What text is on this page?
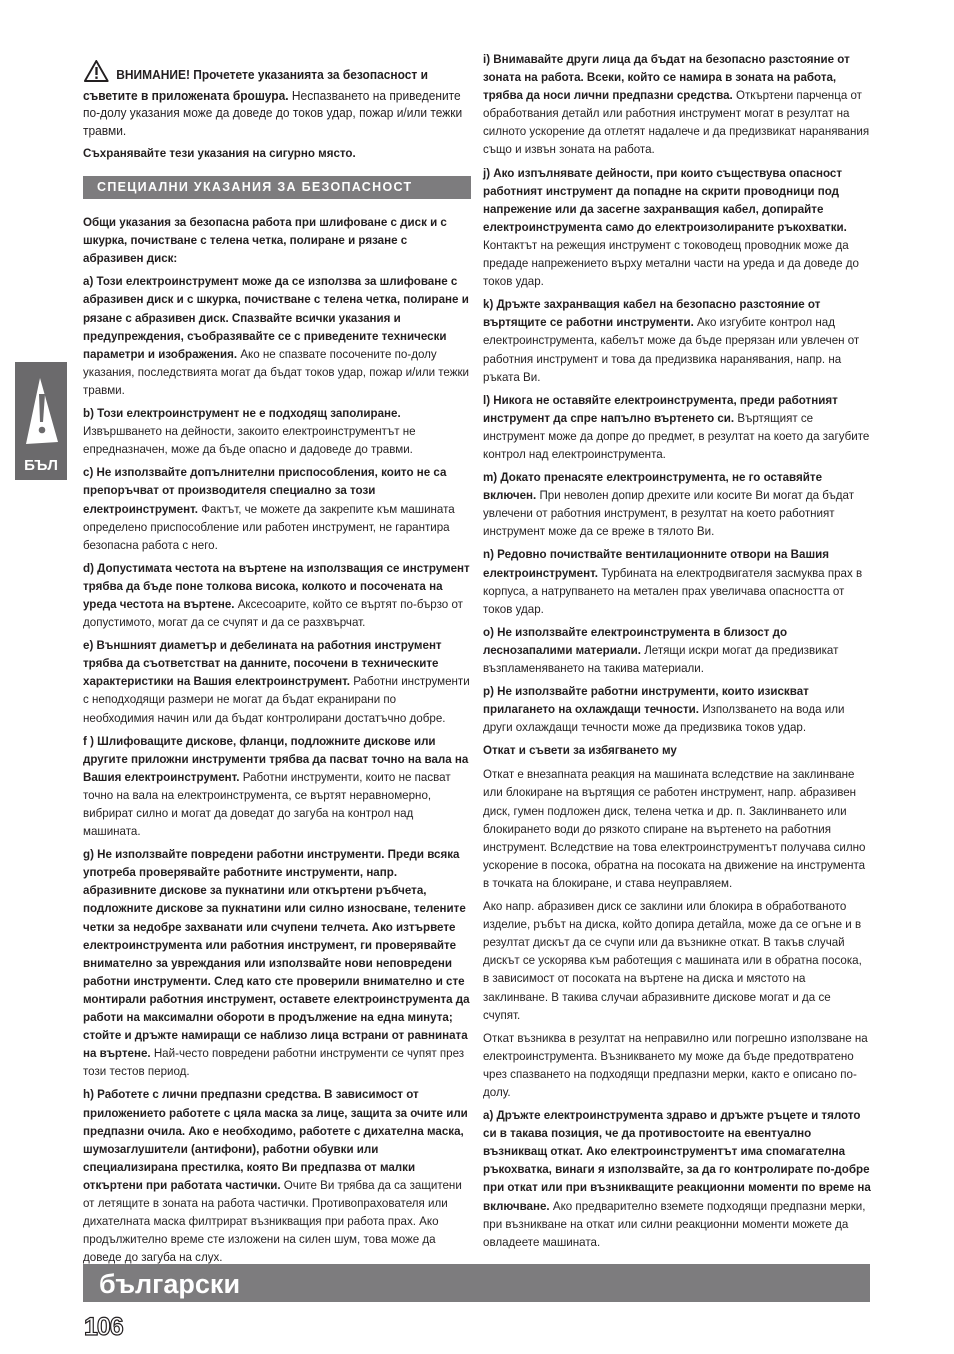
ВНИМАНИЕ! Прочетете указанията за безопасност и съветите в приложената брошура. Неспазването на приведените по-долу указания може да доведе до токов удар, пожар и/или тежки травми.

Съхранявайте тези указания на сигурно място.

СПЕЦИАЛНИ УКАЗАНИЯ ЗА БЕЗОПАСНОСТ

Общи указания за безопасна работа при шлифоване с диск и с шкурка, почистване с телена четка, полиране и рязане с абразивен диск:

a) Този електроинструмент може да се използва за шлифоване с абразивен диск и с шкурка, почистване с телена четка, полиране и рязане с абразивен диск. Спазвайте всички указания и предупреждения, съобразявайте се с приведените технически параметри и изображения. Ако не спазвате посочените по-долу указания, последствията могат да бъдат токов удар, пожар и/или тежки травми.

b) Този електроинструмент не е подходящ заполиране. Извършването на дейности, закоито електроинструментът не епредназначен, може да бъде опасно и дадоведе до травми.

c) Не използвайте допълнителни приспособления, които не са препоръчват от производителя специално за този електроинструмент. Фактът, че можете да закрепите към машината определено приспособление или работен инструмент, не гарантира безопасна работа с него.

d) Допустимата честота на въртене на използващия се инструмент трябва да бъде поне толкова висока, колкото и посочената на уреда честота на въртене. Аксесоарите, който се въртят по-бързо от допустимото, могат да се счупят и да се разхвърчат.

e) Външният диаметър и дебелината на работния инструмент трябва да съответстват на данните, посочени в техническите характеристики на Вашия електроинструмент. Работни инструменти с неподходящи размери не могат да бъдат екранирани по необходимия начин или да бъдат контролирани достатъчно добре.

f ) Шлифоващите дискове, фланци, подложните дискове или другите приложни инструменти трябва да пасват точно на вала на Вашия електроинструмент. Работни инструменти, които не пасват точно на вала на електроинструмента, се въртят неравномерно, вибрират силно и могат да доведат до загуба на контрол над машината.

g) Не използвайте повредени работни инструменти. Преди всяка употреба проверявайте работните инструменти, напр. абразивните дискове за пукнатини или откъртени ръбчета, подложните дискове за пукнатини или силно износване, телените четки за недобре захванати или счупени телчета. Ако изтървете електроинструмента или работния инструмент, ги проверявайте внимателно за увреждания или използвайте нови неповредени работни инструменти. След като сте проверили внимателно и сте монтирали работния инструмент, оставете електроинструмента да работи на максимални обороти в продължение на една минута; стойте и дръжте намиращи се наблизо лица встрани от равнината на въртене. Най-често повредени работни инструменти се чупят през този тестов период.

h) Работете с лични предпазни средства. В зависимост от приложението работете с цяла маска за лице, защита за очите или предпазни очила. Ако е необходимо, работете с дихателна маска, шумозаглушители (антифони), работни обувки или специализирана престилка, която Ви предпазва от малки откъртени при работата частички. Очите Ви трябва да са защитени от летящите в зоната на работа частички. Противопрахователя или дихателната маска филтрират възникващия при работа прах. Ако продължително време сте изложени на силен шум, това може да доведе до загуба на слух.

i) Внимавайте други лица да бъдат на безопасно разстояние от зоната на работа. Всеки, който се намира в зоната на работа, трябва да носи лични предпазни средства. Откъртени парченца от обработвания детайл или работния инструмент могат в резултат на силното ускорение да отлетят надалече и да предизвикат наранявания също и извън зоната на работа.

j) Ако изпълнявате дейности, при които съществува опасност работният инструмент да попадне на скрити проводници под напрежение или да засегне захранващия кабел, допирайте електроинструмента само до електроизолираните ръкохватки. Контактът на режещия инструмент с тоководещ проводник може да предаде напрежението върху метални части на уреда и да доведе до токов удар.

k) Дръжте захранващия кабел на безопасно разстояние от въртящите се работни инструменти. Ако изгубите контрол над електроинструмента, кабелът може да бъде прерязан или увлечен от работния инструмент и това да предизвика наранявания, напр. на ръката Ви.

l) Никога не оставяйте електроинструмента, преди работният инструмент да спре напълно въртенето си. Въртящият се инструмент може да допре до предмет, в резултат на което да загубите контрол над електроинструмента.

m) Докато пренасяте електроинструмента, не го оставяйте включен. При неволен допир дрехите или косите Ви могат да бъдат увлечени от работния инструмент, в резултат на което работният инструмент може да се вреже в тялото Ви.

n) Редовно почиствайте вентилационните отвори на Вашия електроинструмент. Турбината на електродвигателя засмуква прах в корпуса, а натрупването на метален прах увеличава опасността от токов удар.

o) Не използвайте електроинструмента в близост до леснозапалими материали. Летящи искри могат да предизвикат възпламеняването на такива материали.

p) Не използвайте работни инструменти, които изискват прилагането на охлаждащи течности. Използването на вода или други охлаждащи течности може да предизвика токов удар.

Откат и съвети за избягването му

Откат е внезапната реакция на машината вследствие на заклинване или блокиране на въртящия се работен инструмент, напр. абразивен диск, гумен подложен диск, телена четка и др. п. Заклинването или блокирането води до рязкото спиране на въртенето на работния инструмент. Вследствие на това електроинструментът получава силно ускорение в посока, обратна на посоката на движение на инструмента в точката на блокиране, и става неуправляем.

Ако напр. абразивен диск се заклини или блокира в обработваното изделие, ръбът на диска, който допира детайла, може да се огъне и в резултат дискът да се счупи или да възникне откат. В такъв случай дискът се ускорява към работещия с машината или в обратна посока, в зависимост от посоката на въртене на диска и мястото на заклинване. В такива случаи абразивните дискове могат и да се счупят.

Откат възниква в резултат на неправилно или погрешно използване на електроинструмента. Възникването му може да бъде предотвратено чрез спазването на подходящи предпазни мерки, както е описано по-долу.

a) Дръжте електроинструмента здраво и дръжте ръцете и тялото си в такава позиция, че да противостоите на евентуално възникващ откат. Ако електроинструментът има спомагателна ръкохватка, винаги я използвайте, за да го контролирате по-добре при откат или при възникващите реакционни моменти по време на включване. Ако предварително вземете подходящи предпазни мерки, при възникване на откат или силни реакционни моменти можете да овладеете машината.

БЪЛ
български
106
